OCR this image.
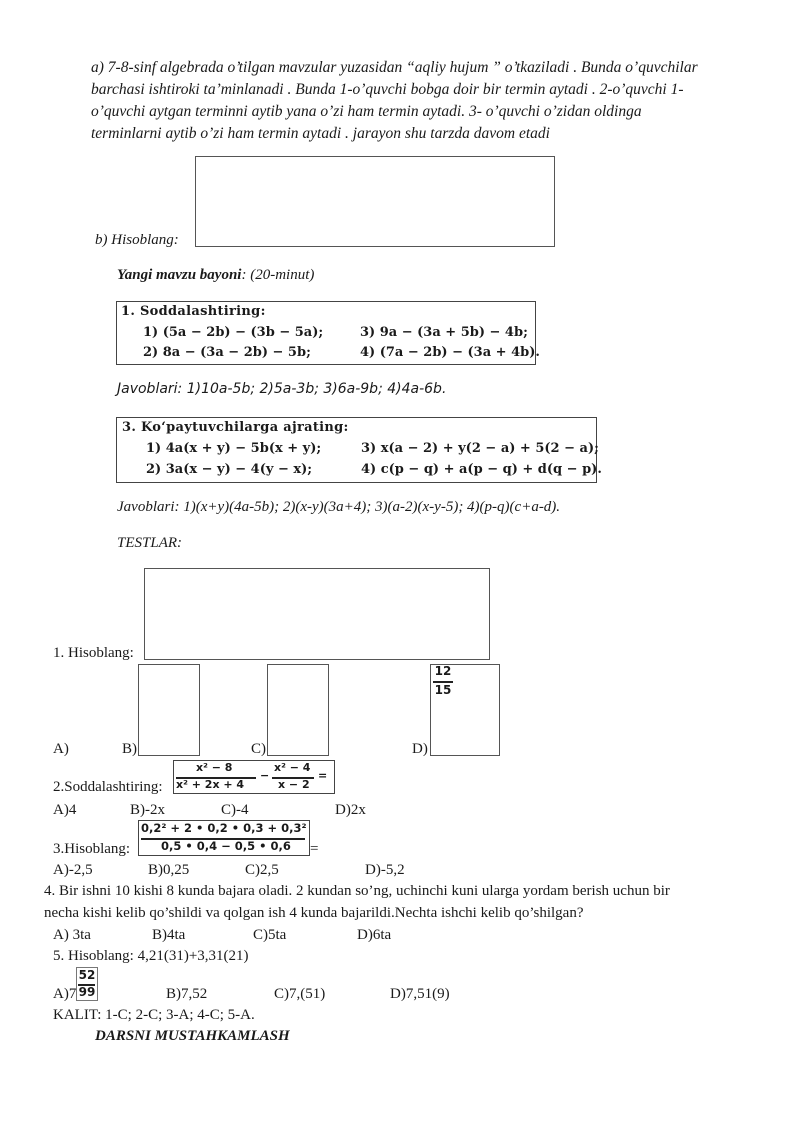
a) 7-8-sinf algebrada o’tilgan mavzular yuzasidan “aqliy hujum ” o’tkaziladi . Bunda o’quvchilar
barchasi ishtiroki ta’minlanadi . Bunda 1-o’quvchi bobga doir bir termin aytadi . 2-o’quvchi 1-
o’quvchi aytgan terminni aytib yana o’zi ham termin aytadi. 3- o’quvchi o’zidan oldinga
terminlarni aytib o’zi ham termin aytadi . jarayon shu tarzda davom etadi
b) Hisoblang:
Yangi mavzu bayoni: (20-minut)
1. Soddalashtiring:
1) (5a − 2b) − (3b − 5a);	3) 9a − (3a + 5b) − 4b;
2) 8a − (3a − 2b) − 5b;	4) (7a − 2b) − (3a + 4b).
Javoblari: 1)10a-5b; 2)5a-3b; 3)6a-9b; 4)4a-6b.
3. Ko‘paytuvchilarga ajrating:
1) 4a(x + y) − 5b(x + y);	3) x(a − 2) + y(2 − a) + 5(2 − a);
2) 3a(x − y) − 4(y − x);	4) c(p − q) + a(p − q) + d(q − p).
Javoblari: 1)(x+y)(4a-5b); 2)(x-y)(3a+4); 3)(a-2)(x-y-5); 4)(p-q)(c+a-d).
TESTLAR:
1. Hisoblang:
12
15
A)	B)	C)	D)
2.Soddalashtiring:
x² − 8
x² + 2x + 4
−
x² − 4
x − 2
=
A)4	B)-2x	C)-4	D)2x
3.Hisoblang:
0,2² + 2 • 0,2 • 0,3 + 0,3²
0,5 • 0,4 − 0,5 • 0,6 =
A)-2,5	B)0,25	C)2,5	D)-5,2
4. Bir ishni 10 kishi 8 kunda bajara oladi. 2 kundan so’ng, uchinchi kuni ularga yordam berish uchun bir
necha kishi kelib qo’shildi va qolgan ish 4 kunda bajarildi.Nechta ishchi kelib qo’shilgan?
A) 3ta	B)4ta	C)5ta	D)6ta
5. Hisoblang: 4,21(31)+3,31(21)
A)7
52
99	B)7,52	C)7,(51)	D)7,51(9)
KALIT: 1-C; 2-C; 3-A; 4-C; 5-A.
DARSNI MUSTAHKAMLASH
